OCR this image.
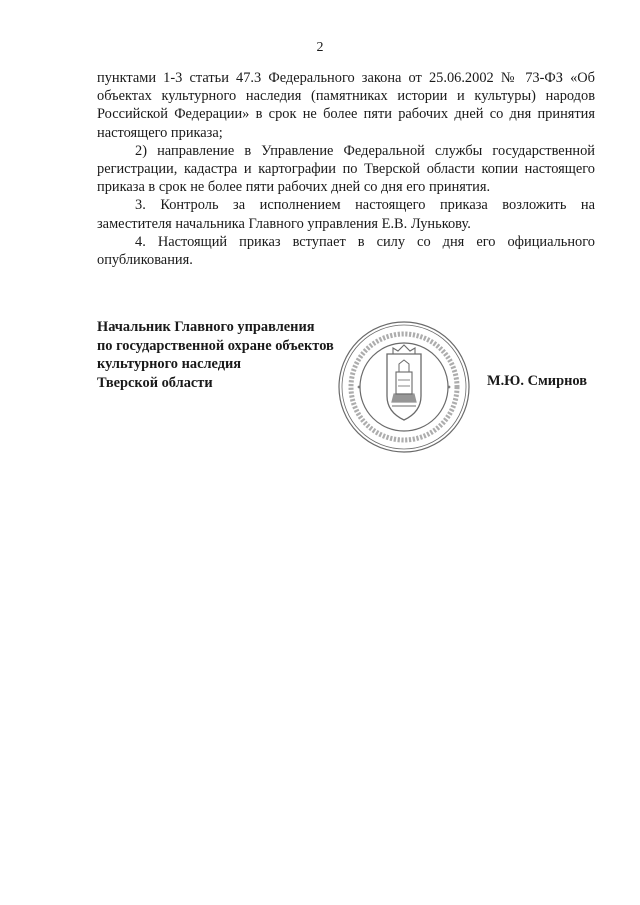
2

пунктами 1-3 статьи 47.3 Федерального закона от 25.06.2002 № 73-ФЗ «Об объектах культурного наследия (памятниках истории и культуры) народов Российской Федерации» в срок не более пяти рабочих дней со дня принятия настоящего приказа;

2) направление в Управление Федеральной службы государственной регистрации, кадастра и картографии по Тверской области копии настоящего приказа в срок не более пяти рабочих дней со дня его принятия.

3. Контроль за исполнением настоящего приказа возложить на заместителя начальника Главного управления Е.В. Лунькову.

4. Настоящий приказ вступает в силу со дня его официального опубликования.

Начальник Главного управления
по государственной охране объектов
культурного наследия
Тверской области	М.Ю. Смирнов
